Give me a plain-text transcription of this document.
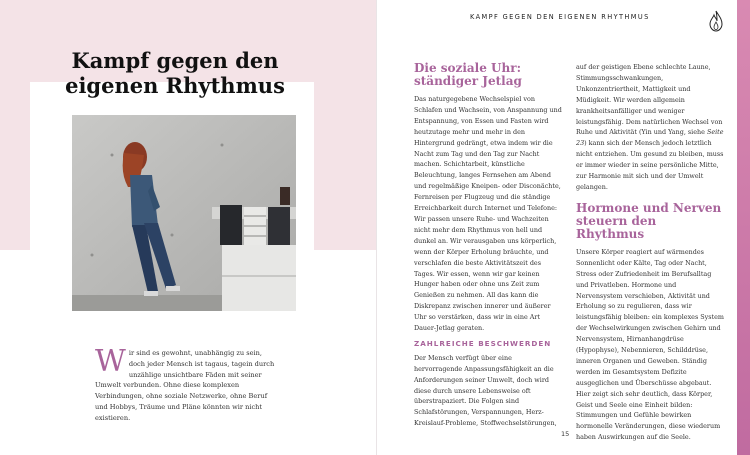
Kampf gegen den eigenen Rhythmus

Wir sind es gewohnt, unabhängig zu sein, doch jeder Mensch ist tagaus, tagein durch unzählige unsichtbare Fäden mit seiner Umwelt verbunden. Ohne diese komplexen Verbindungen, ohne soziale Netzwerke, ohne Beruf und Hobbys, Träume und Pläne könnten wir nicht existieren.

KAMPF GEGEN DEN EIGENEN RHYTHMUS

Die soziale Uhr: ständiger Jetlag

Das naturgegebene Wechselspiel von Schlafen und Wachsein, von Anspannung und Entspannung, von Essen und Fasten wird heutzutage mehr und mehr in den Hintergrund gedrängt, etwa indem wir die Nacht zum Tag und den Tag zur Nacht machen. Schichtarbeit, künstliche Beleuchtung, langes Fernsehen am Abend und regelmäßige Kneipen- oder Disconächte, Fernreisen per Flugzeug und die ständige Erreichbarkeit durch Internet und Telefone: Wir passen unsere Ruhe- und Wachzeiten nicht mehr dem Rhythmus von hell und dunkel an. Wir verausgaben uns körperlich, wenn der Körper Erholung bräuchte, und verschlafen die beste Aktivitätszeit des Tages. Wir essen, wenn wir gar keinen Hunger haben oder ohne uns Zeit zum Genießen zu nehmen. All das kann die Diskrepanz zwischen innerer und äußerer Uhr so verstärken, dass wir in eine Art Dauer-Jetlag geraten.

ZAHLREICHE BESCHWERDEN

Der Mensch verfügt über eine hervorragende Anpassungsfähigkeit an die Anforderungen seiner Umwelt, doch wird diese durch unsere Lebensweise oft überstrapaziert. Die Folgen sind Schlafstörungen, Verspannungen, Herz-Kreislauf-Probleme, Stoffwechselstörungen,

auf der geistigen Ebene schlechte Laune, Stimmungsschwankungen, Unkonzentriertheit, Mattigkeit und Müdigkeit. Wir werden allgemein krankheitsanfälliger und weniger leistungsfähig. Dem natürlichen Wechsel von Ruhe und Aktivität (Yin und Yang, siehe Seite 23) kann sich der Mensch jedoch letztlich nicht entziehen. Um gesund zu bleiben, muss er immer wieder in seine persönliche Mitte, zur Harmonie mit sich und der Umwelt gelangen.

Hormone und Nerven steuern den Rhythmus

Unsere Körper reagiert auf wärmendes Sonnenlicht oder Kälte, Tag oder Nacht, Stress oder Zufriedenheit im Berufsalltag und Privatleben. Hormone und Nervensystem verschieben, Aktivität und Erholung so zu regulieren, dass wir leistungsfähig bleiben: ein komplexes System der Wechselwirkungen zwischen Gehirn und Nervensystem, Hirnanhangdrüse (Hypophyse), Nebennieren, Schilddrüse, inneren Organen und Geweben. Ständig werden im Gesamtsystem Defizite ausgeglichen und Überschüsse abgebaut. Hier zeigt sich sehr deutlich, dass Körper, Geist und Seele eine Einheit bilden: Stimmungen und Gefühle bewirken hormonelle Veränderungen, diese wiederum haben Auswirkungen auf die Seele.

15
